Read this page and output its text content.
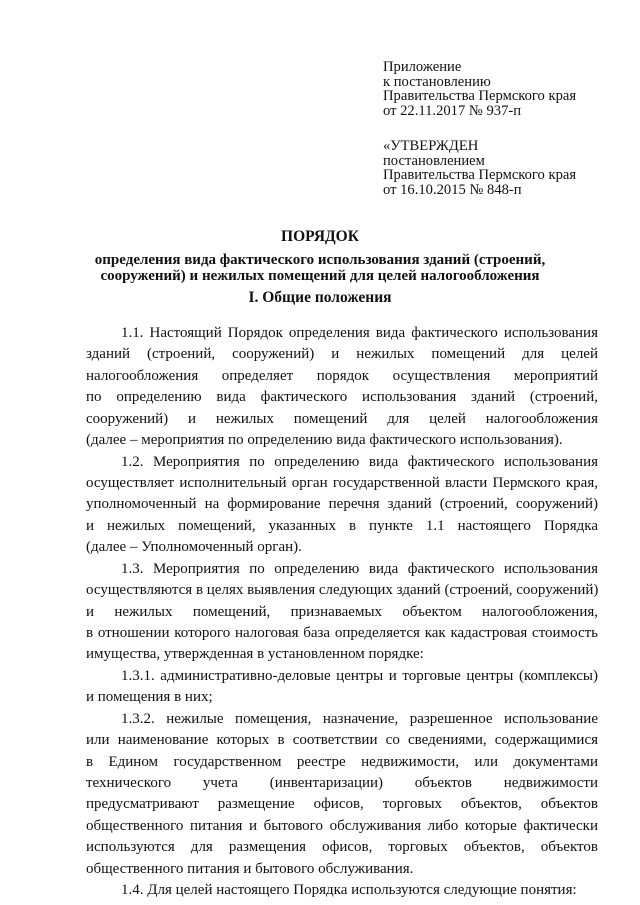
Приложение
к постановлению
Правительства Пермского края
от 22.11.2017 № 937-п
«УТВЕРЖДЕН
постановлением
Правительства Пермского края
от 16.10.2015 № 848-п
ПОРЯДОК
определения вида фактического использования зданий (строений,
сооружений) и нежилых помещений для целей налогообложения
I. Общие положения
1.1. Настоящий Порядок определения вида фактического использования
зданий (строений, сооружений) и нежилых помещений для целей
налогообложения определяет порядок осуществления мероприятий
по определению вида фактического использования зданий (строений,
сооружений) и нежилых помещений для целей налогообложения
(далее – мероприятия по определению вида фактического использования).
1.2. Мероприятия по определению вида фактического использования
осуществляет исполнительный орган государственной власти Пермского края,
уполномоченный на формирование перечня зданий (строений, сооружений)
и нежилых помещений, указанных в пункте 1.1 настоящего Порядка
(далее – Уполномоченный орган).
1.3. Мероприятия по определению вида фактического использования
осуществляются в целях выявления следующих зданий (строений, сооружений)
и нежилых помещений, признаваемых объектом налогообложения,
в отношении которого налоговая база определяется как кадастровая стоимость
имущества, утвержденная в установленном порядке:
1.3.1. административно-деловые центры и торговые центры (комплексы)
и помещения в них;
1.3.2. нежилые помещения, назначение, разрешенное использование
или наименование которых в соответствии со сведениями, содержащимися
в Едином государственном реестре недвижимости, или документами
технического учета (инвентаризации) объектов недвижимости
предусматривают размещение офисов, торговых объектов, объектов
общественного питания и бытового обслуживания либо которые фактически
используются для размещения офисов, торговых объектов, объектов
общественного питания и бытового обслуживания.
1.4. Для целей настоящего Порядка используются следующие понятия:
